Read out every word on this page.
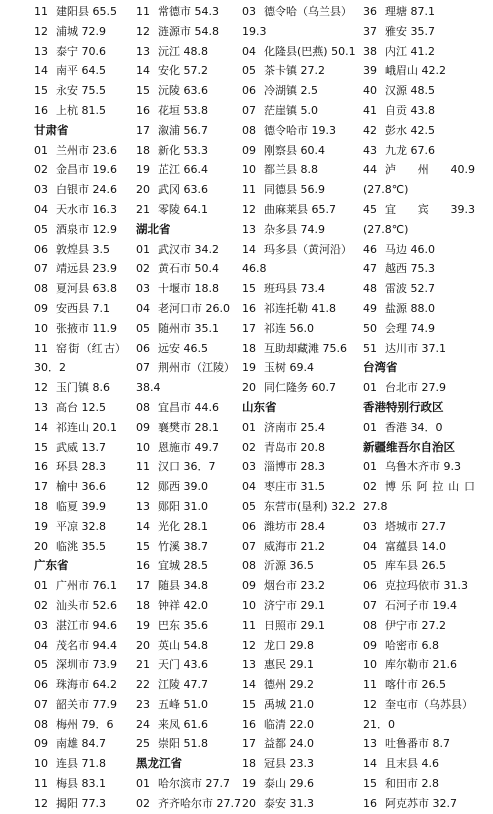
11 建阳县 65.5
12 浦城 72.9
13 泰宁 70.6
14 南平 64.5
15 永安 75.5
16 上杭 81.5
甘肃省
01 兰州市 23.6
02 金昌市 19.6
03 白银市 24.6
04 天水市 16.3
05 酒泉市 12.9
06 敦煌县 3.5
07 靖远县 23.9
08 夏河县 63.8
09 安西县 7.1
10 张掖市 11.9
11 窑 街 （红 古）
30．2
12 玉门镇 8.6
13 高台 12.5
14 祁连山 20.1
15 武威 13.7
16 环县 28.3
17 榆中 36.6
18 临夏 39.9
19 平凉 32.8
20 临洮 35.5
广东省
01 广州市 76.1
02 汕头市 52.6
03 湛江市 94.6
04 茂名市 94.4
05 深圳市 73.9
06 珠海市 64.2
07 韶关市 77.9
08 梅州 79．6
09 南雄 84.7
10 连县 71.8
11 梅县 83.1
12 揭阳 77.3
11 常德市 54.3
12 涟源市 54.8
13 沅江 48.8
14 安化 57.2
15 沅陵 63.6
16 花垣 53.8
17 溆浦 56.7
18 新化 53.3
19 芷江 66.4
20 武冈 63.6
21 零陵 64.1
湖北省
01 武汉市 34.2
02 黄石市 50.4
03 十堰市 18.8
04 老河口市 26.0
05 随州市 35.1
06 远安 46.5
07 荆 州 市 （江 陵）
38.4
08 宜昌市 44.6
09 襄樊市 28.1
10 恩施市 49.7
11 汉口 36．7
12 郧西 39.0
13 郧阳 31.0
14 光化 28.1
15 竹溪 38.7
16 宜城 28.5
17 随县 34.8
18 钟祥 42.0
19 巴东 35.6
20 英山 54.8
21 天门 43.6
22 江陵 47.7
23 五峰 51.0
24 来凤 61.6
25 崇阳 51.8
黑龙江省
01 哈尔滨市 27.7
02 齐齐哈尔市 27.7
03 德令哈（乌兰县）
19.3
04 化隆县(巴燕) 50.1
05 茶卡镇 27.2
06 冷湖镇 2.5
07 茫崖镇 5.0
08 德令哈市 19.3
09 刚察县 60.4
10 都兰县 8.8
11 同德县 56.9
12 曲麻莱县 65.7
13 杂多县 74.9
14 玛多县（黄河沿）
46.8
15 班玛县 73.4
16 祁连托勒 41.8
17 祁连 56.0
18 互助却藏滩 75.6
19 玉树 69.4
20 同仁隆务 60.7
山东省
01 济南市 25.4
02 青岛市 20.8
03 淄博市 28.3
04 枣庄市 31.5
05 东营市(垦利) 32.2
06 潍坊市 28.4
07 威海市 21.2
08 沂源 36.5
09 烟台市 23.2
10 济宁市 29.1
11 日照市 29.1
12 龙口 29.8
13 惠民 29.1
14 德州 29.2
15 禹城 21.0
16 临清 22.0
17 益都 24.0
18 冠县 23.3
19 泰山 29.6
20 泰安 31.3
36 理塘 87.1
37 雅安 35.7
38 内江 41.2
39 峨眉山 42.2
40 汉源 48.5
41 自贡 43.8
42 彭水 42.5
43 九龙 67.6
44 泸 州 40.9
(27.8℃)
45 宜 宾 39.3
(27.8℃)
46 马边 46.0
47 越西 75.3
48 雷波 52.7
49 盐源 88.0
50 会理 74.9
51 达川市 37.1
台湾省
01 台北市 27.9
香港特别行政区
01 香港 34．0
新疆维吾尔自治区
01 乌鲁木齐市 9.3
02 博 乐 阿 拉 山 口
27.8
03 塔城市 27.7
04 富蕴县 14.0
05 库车县 26.5
06 克拉玛依市 31.3
07 石河子市 19.4
08 伊宁市 27.2
09 哈密市 6.8
10 库尔勒市 21.6
11 喀什市 26.5
12 奎屯市（乌苏县）
21．0
13 吐鲁番市 8.7
14 且末县 4.6
15 和田市 2.8
16 阿克苏市 32.7
